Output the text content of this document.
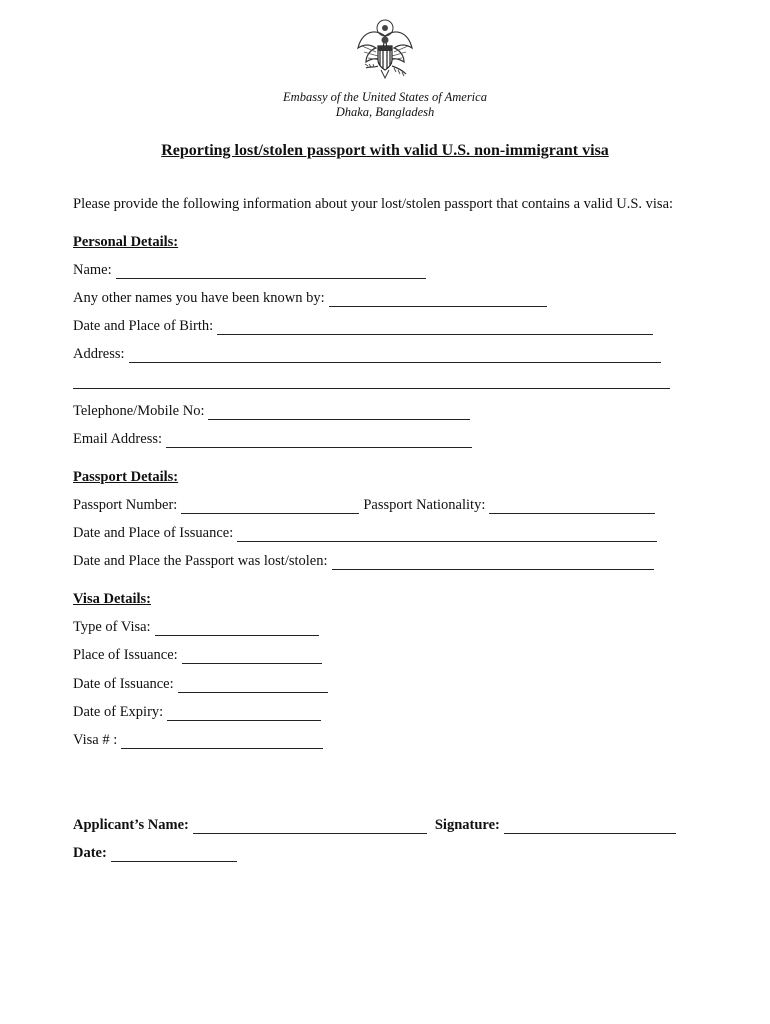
Embassy of the United States of America
Dhaka, Bangladesh
Reporting lost/stolen passport with valid U.S. non-immigrant visa
Please provide the following information about your lost/stolen passport that contains a valid U.S. visa:
Personal Details:
Name:
Any other names you have been known by:
Date and Place of Birth:
Address:
Telephone/Mobile No:
Email Address:
Passport Details:
Passport Number:	Passport Nationality:
Date and Place of Issuance:
Date and Place the Passport was lost/stolen:
Visa Details:
Type of Visa:
Place of Issuance:
Date of Issuance:
Date of Expiry:
Visa # :
Applicant’s Name:	Signature:
Date:
